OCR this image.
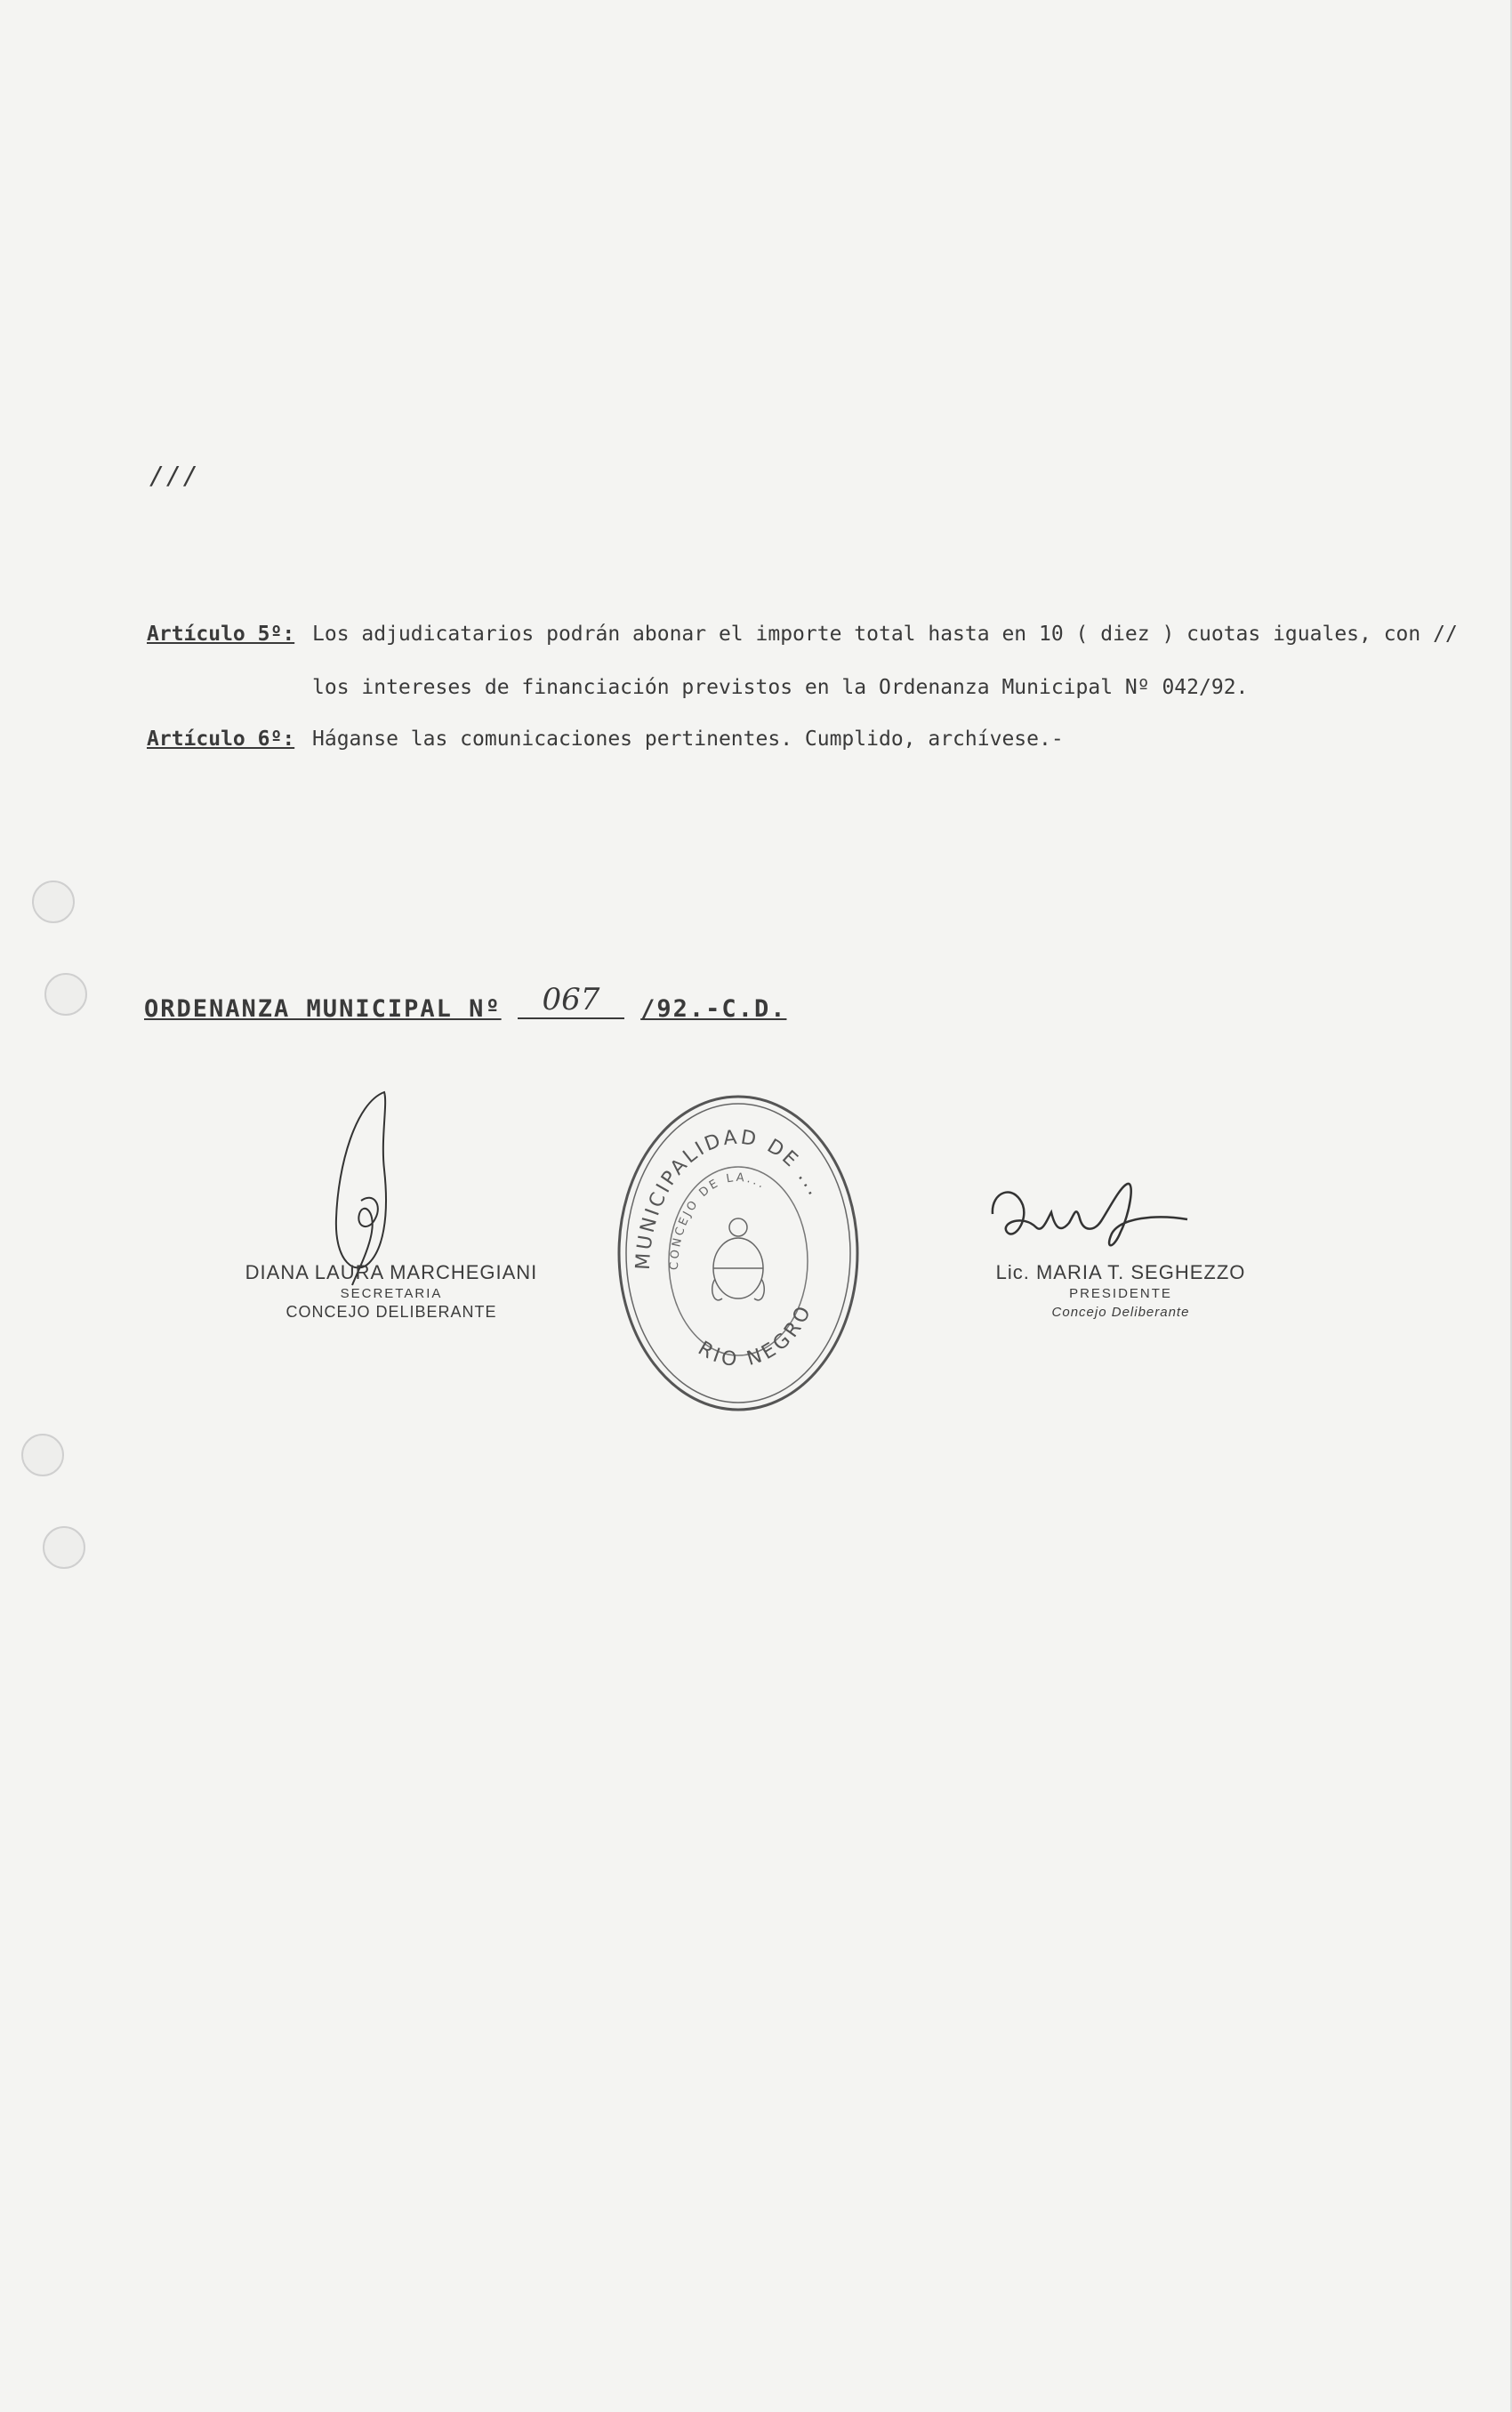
///
Artículo 5º: Los adjudicatarios podrán abonar el importe total hasta en 10 ( diez ) cuotas iguales, con //
los intereses de financiación previstos en la Ordenanza Municipal Nº 042/92.
Artículo 6º: Háganse las comunicaciones pertinentes. Cumplido, archívese.-
ORDENANZA MUNICIPAL Nº 067 /92.-C.D.
DIANA LAURA MARCHEGIANI
SECRETARIA
CONCEJO DELIBERANTE
MUNICIPALIDAD DE ...
CONCEJO DE LA...
RIO NEGRO
Lic. MARIA T. SEGHEZZO
PRESIDENTE
Concejo Deliberante
